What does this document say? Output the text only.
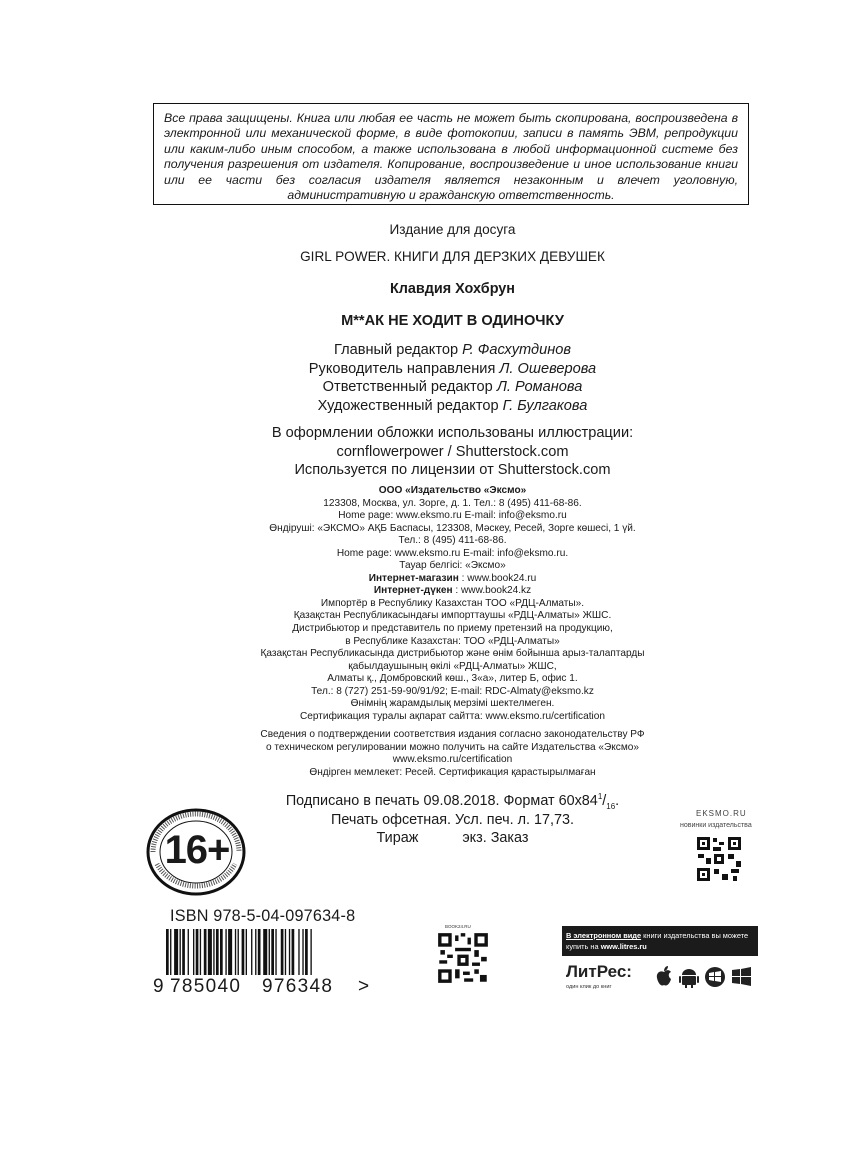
Все права защищены. Книга или любая ее часть не может быть скопирована, воспроизведена в электронной или механической форме, в виде фотокопии, записи в память ЭВМ, репродукции или каким-либо иным способом, а также использована в любой информационной системе без получения разрешения от издателя. Копирование, воспроизведение и иное использование книги или ее части без согласия издателя является незаконным и влечет уголовную, административную и гражданскую ответственность.
Издание для досуга
GIRL POWER. КНИГИ ДЛЯ ДЕРЗКИХ ДЕВУШЕК
Клавдия Хохбрун
М**АК НЕ ХОДИТ В ОДИНОЧКУ
Главный редактор Р. Фасхутдинов
Руководитель направления Л. Ошеверова
Ответственный редактор Л. Романова
Художественный редактор Г. Булгакова
В оформлении обложки использованы иллюстрации:
cornflowerpower / Shutterstock.com
Используется по лицензии от Shutterstock.com
ООО «Издательство «Эксмо»
123308, Москва, ул. Зорге, д. 1. Тел.: 8 (495) 411-68-86.
Home page: www.eksmo.ru E-mail: info@eksmo.ru
Өндіруші: «ЭКСМО» АҚБ Баспасы, 123308, Мәскеу, Ресей, Зорге көшесі, 1 үй.
Тел.: 8 (495) 411-68-86.
Home page: www.eksmo.ru E-mail: info@eksmo.ru.
Тауар белгісі: «Эксмо»
Интернет-магазин : www.book24.ru
Интернет-дүкен : www.book24.kz
Импортёр в Республику Казахстан ТОО «РДЦ-Алматы».
Қазақстан Республикасындағы импорттаушы «РДЦ-Алматы» ЖШС.
Дистрибьютор и представитель по приему претензий на продукцию,
в Республике Казахстан: ТОО «РДЦ-Алматы»
Қазақстан Республикасында дистрибьютор және өнім бойынша арыз-талаптарды
қабылдаушының өкілі «РДЦ-Алматы» ЖШС,
Алматы қ., Домбровский көш., 3«а», литер Б, офис 1.
Тел.: 8 (727) 251-59-90/91/92; E-mail: RDC-Almaty@eksmo.kz
Өнімнің жарамдылық мерзімі шектелмеген.
Сертификация туралы ақпарат сайтта: www.eksmo.ru/certification
Сведения о подтверждении соответствия издания согласно законодательству РФ
о техническом регулировании можно получить на сайте Издательства «Эксмо»
www.eksmo.ru/certification
Өндірген мемлекет: Ресей. Сертификация қарастырылмаған
Подписано в печать 09.08.2018. Формат $60x84^1/_{16}$.
Печать офсетная. Усл. печ. л. 17,73.
Тираж           экз. Заказ
16+
EKSMO.RU
новинки издательства
ISBN 978-5-04-097634-8
9 785040 976348 >
BOOK24.RU
В электронном виде книги издательства вы можете
купить на www.litres.ru
ЛитРес:
один клик до книг
